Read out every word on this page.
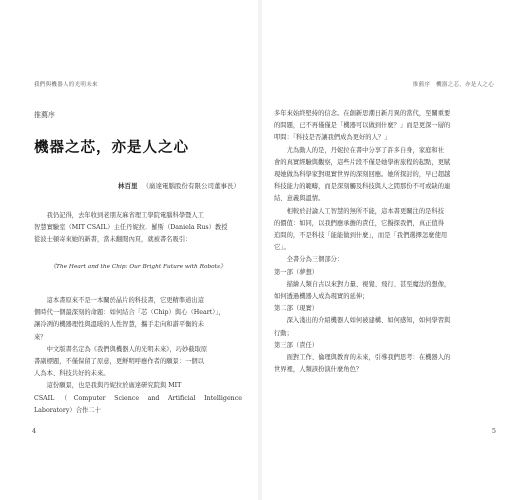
我們與機器人的光明未來
推薦序
機器之芯，亦是人之心
林百里 （廣達電腦股份有限公司董事長）
我仍記得，去年收到老朋友麻省理工學院電腦科學暨人工
智慧實驗室（MIT CSAIL）主任丹妮拉．羅斯（Daniela Rus）教授
從波士頓寄來她的新書，當未翻閱內頁，就被書名吸引：
《The Heart and the Chip: Our Bright Future with Robots》
這本書原來不是一本關於晶片的科技書，它更精準道出這
個時代一個最深刻的命題：如何結合「芯（Chip）與心（Heart）」，
讓冷冽的機器理性與溫暖的人性智慧，攜手走向和諧平衡的未
來？
中文版書名定為《我們與機器人的光明未來》，巧妙截取原
書副標題，不僅保留了原意，更鮮明呼應作者的願景：一個以
人為本、科技共好的未來。
這份願景，也是我與丹妮拉於廣達研究院與 MIT
CSAIL（Computer Science and Artificial Intelligence Laboratory）合作二十
4
推薦序　機器之芯，亦是人之心
多年來始終堅持的信念。在創新思潮日新月異的當代，至關重要
的問題，已不再僅僅是「機器可以做到什麼？」而是更深一層的
叩問：「科技是否讓我們成為更好的人？」
尤為動人的是，丹妮拉在書中分享了許多自身，家庭和社
會的真實經驗與觀察，這些片段不僅是她學術旅程的起點，更賦
現她做為科學家對現實世界的深刻回應。她所探討的，早已超越
科技能力的範疇，而是深刻觸及科技與人之間那份不可或缺的連
結、意義與溫情。
相較於討論人工智慧的無所不能，這本書更關注的是科技
的價值：如同，以我們應承擔的責任，它擬探我們，真正值得
追問的，不是科技「能能做到什麼」，而是「我們選擇怎麼使用
它」。
全書分為三個部分：
第一部（夢想）
描繪人類自古以來對力量、視覺、飛行、甚至魔法的想像，
如何透過機器人成為現實的延伸；
第二部（現實）
深入淺出的介紹機器人如何被建構、如何感知，如何學習與
行動；
第三部（責任）
面對工作、倫理與教育的未來，引導我們思考：在機器人的
世界裡，人類該扮演什麼角色？
5
